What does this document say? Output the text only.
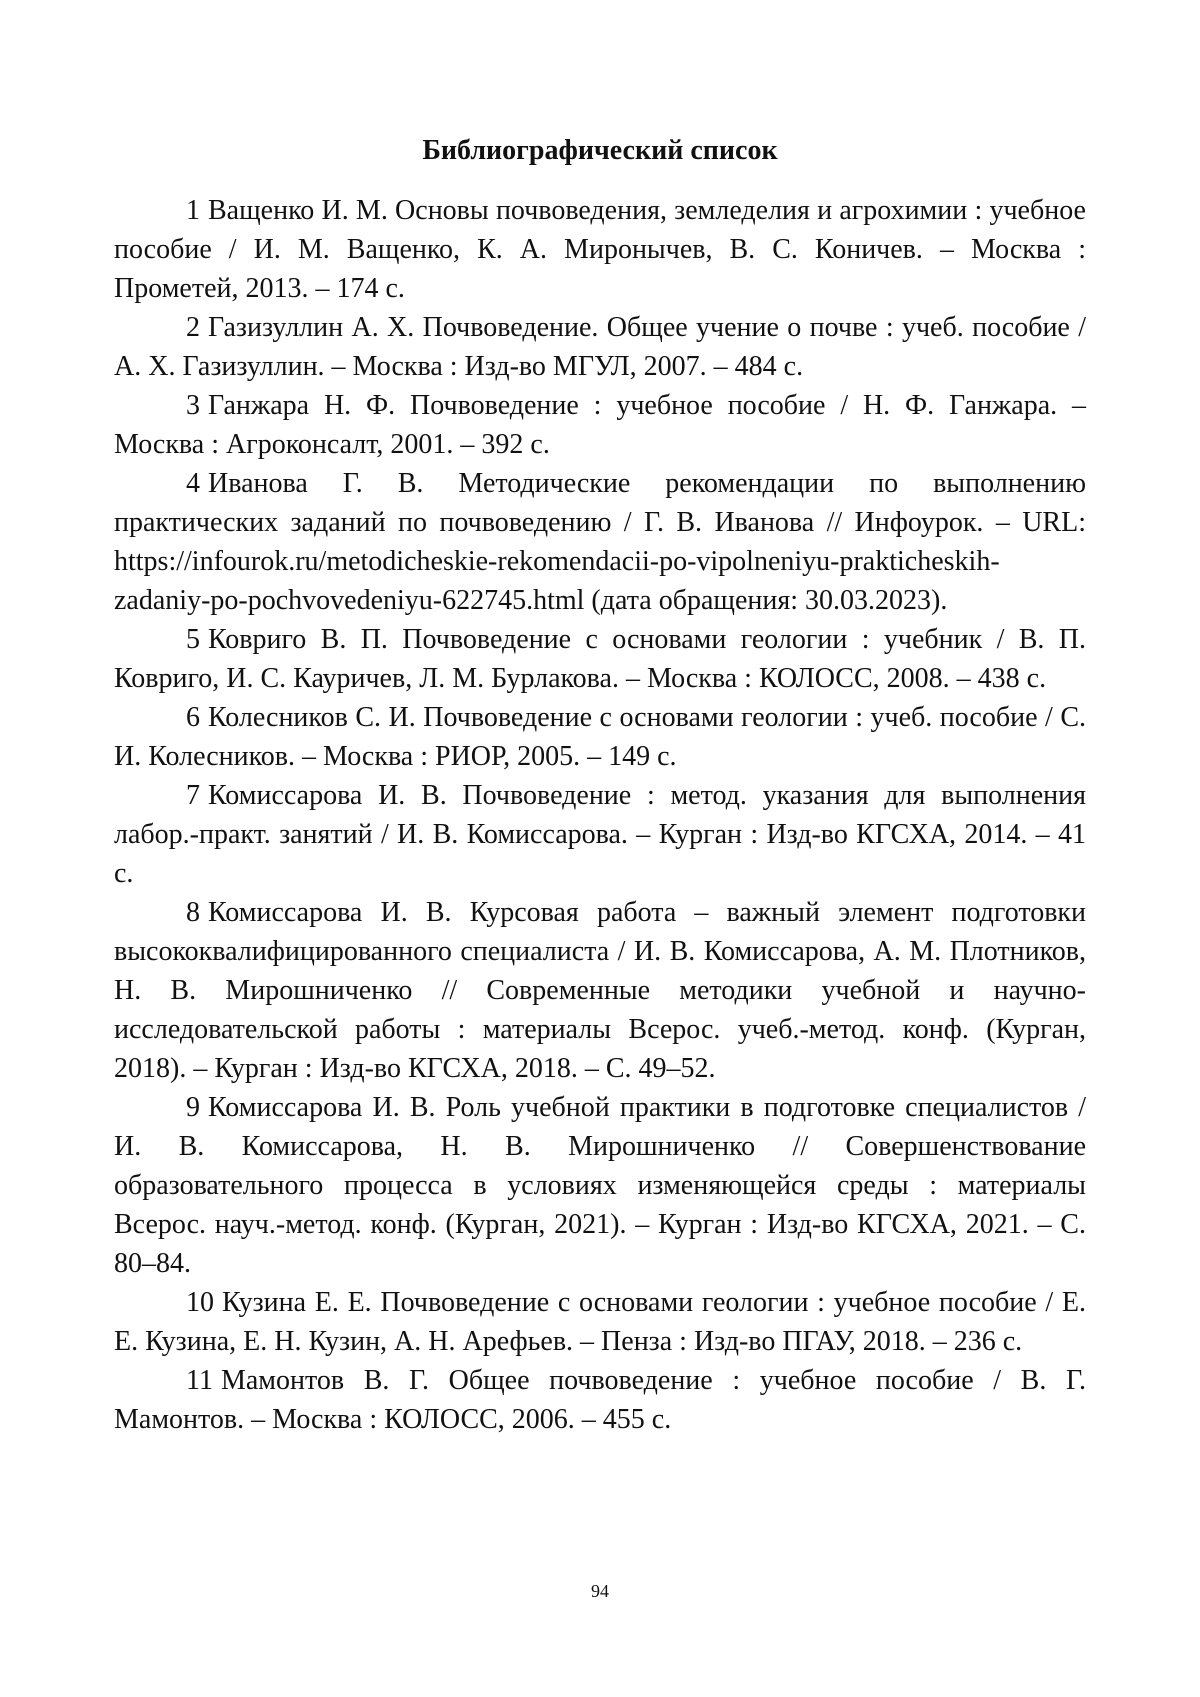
Библиографический список
1 Ващенко И. М. Основы почвоведения, земледелия и агрохимии : учебное пособие / И. М. Ващенко, К. А. Миронычев, В. С. Коничев. – Москва : Прометей, 2013. – 174 с.
2 Газизуллин А. Х. Почвоведение. Общее учение о почве : учеб. пособие / А. Х. Газизуллин. – Москва : Изд-во МГУЛ, 2007. – 484 с.
3 Ганжара Н. Ф. Почвоведение : учебное пособие / Н. Ф. Ганжара. – Москва : Агроконсалт, 2001. – 392 с.
4 Иванова Г. В. Методические рекомендации по выполнению практических заданий по почвоведению / Г. В. Иванова // Инфоурок. – URL: https://infourok.ru/metodicheskie-rekomendacii-po-vipolneniyu-prakticheskih-zadaniy-po-pochvovedeniyu-622745.html (дата обращения: 30.03.2023).
5 Ковриго В. П. Почвоведение с основами геологии : учебник / В. П. Ковриго, И. С. Кауричев, Л. М. Бурлакова. – Москва : КОЛОСС, 2008. – 438 с.
6 Колесников С. И. Почвоведение с основами геологии : учеб. пособие / С. И. Колесников. – Москва : РИОР, 2005. – 149 с.
7 Комиссарова И. В. Почвоведение : метод. указания для выполнения лабор.-практ. занятий / И. В. Комиссарова. – Курган : Изд-во КГСХА, 2014. – 41 с.
8 Комиссарова И. В. Курсовая работа – важный элемент подготовки высококвалифицированного специалиста / И. В. Комиссарова, А. М. Плотников, Н. В. Мирошниченко // Современные методики учебной и научно-исследовательской работы : материалы Всерос. учеб.-метод. конф. (Курган, 2018). – Курган : Изд-во КГСХА, 2018. – С. 49–52.
9 Комиссарова И. В. Роль учебной практики в подготовке специалистов / И. В. Комиссарова, Н. В. Мирошниченко // Совершенствование образовательного процесса в условиях изменяющейся среды : материалы Всерос. науч.-метод. конф. (Курган, 2021). – Курган : Изд-во КГСХА, 2021. – С. 80–84.
10 Кузина Е. Е. Почвоведение с основами геологии : учебное пособие / Е. Е. Кузина, Е. Н. Кузин, А. Н. Арефьев. – Пенза : Изд-во ПГАУ, 2018. – 236 с.
11 Мамонтов В. Г. Общее почвоведение : учебное пособие / В. Г. Мамонтов. – Москва : КОЛОСС, 2006. – 455 с.
94
